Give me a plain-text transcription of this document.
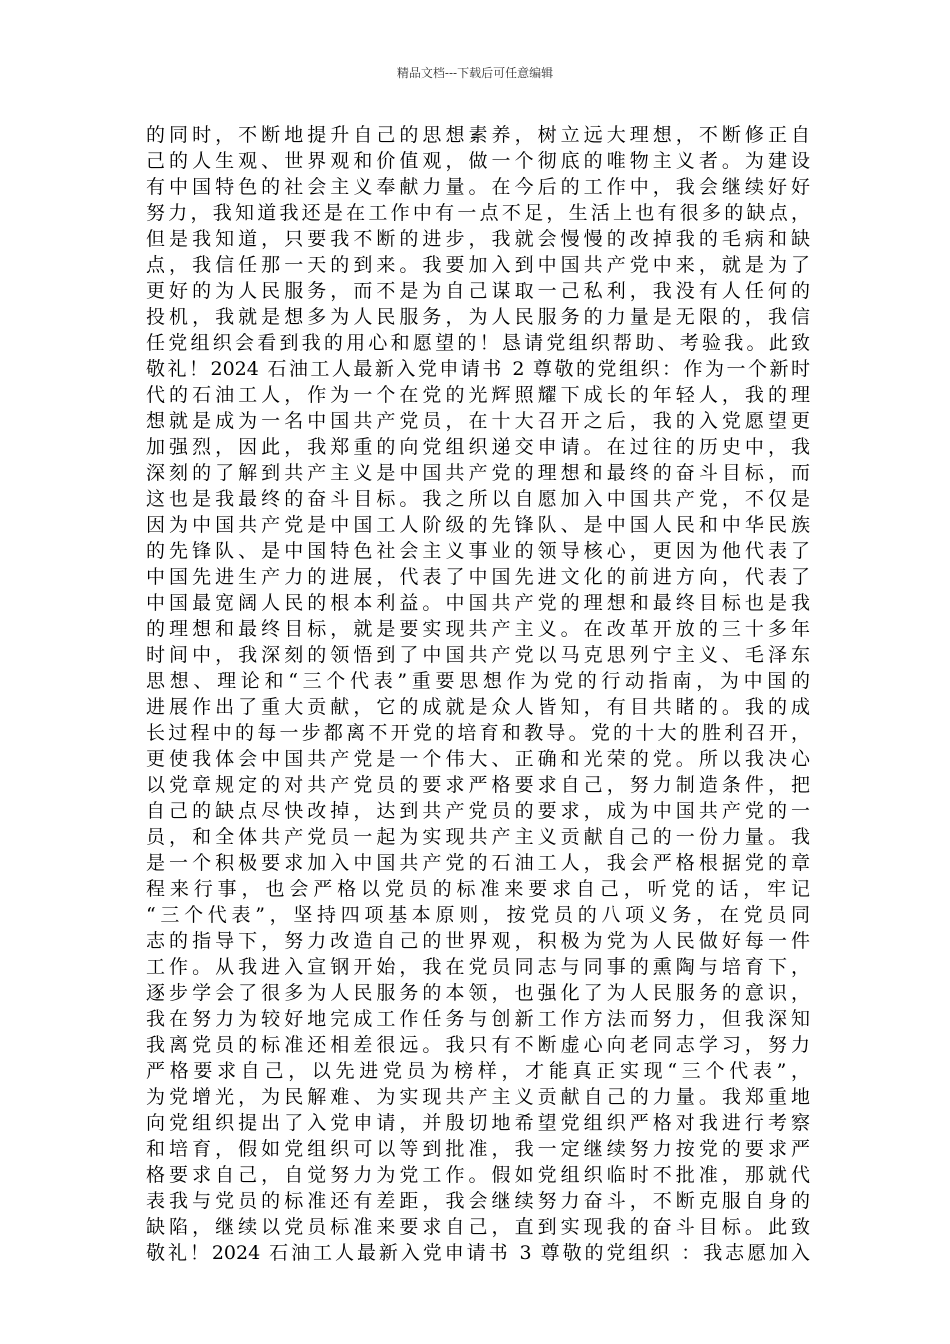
精品文档---下载后可任意编辑
的同时，不断地提升自己的思想素养，树立远大理想，不断修正自
己的人生观、世界观和价值观，做一个彻底的唯物主义者。为建设
有中国特色的社会主义奉献力量。在今后的工作中，我会继续好好
努力，我知道我还是在工作中有一点不足，生活上也有很多的缺点，
但是我知道，只要我不断的进步，我就会慢慢的改掉我的毛病和缺
点，我信任那一天的到来。我要加入到中国共产党中来，就是为了
更好的为人民服务，而不是为自己谋取一己私利，我没有人任何的
投机，我就是想多为人民服务，为人民服务的力量是无限的，我信
任党组织会看到我的用心和愿望的！恳请党组织帮助、考验我。此致
敬礼！2024 石油工人最新入党申请书 2 尊敬的党组织：作为一个新时
代的石油工人，作为一个在党的光辉照耀下成长的年轻人，我的理
想就是成为一名中国共产党员，在十大召开之后，我的入党愿望更
加强烈，因此，我郑重的向党组织递交申请。在过往的历史中，我
深刻的了解到共产主义是中国共产党的理想和最终的奋斗目标，而
这也是我最终的奋斗目标。我之所以自愿加入中国共产党，不仅是
因为中国共产党是中国工人阶级的先锋队、是中国人民和中华民族
的先锋队、是中国特色社会主义事业的领导核心，更因为他代表了
中国先进生产力的进展，代表了中国先进文化的前进方向，代表了
中国最宽阔人民的根本利益。中国共产党的理想和最终目标也是我
的理想和最终目标，就是要实现共产主义。在改革开放的三十多年
时间中，我深刻的领悟到了中国共产党以马克思列宁主义、毛泽东
思想、理论和“三个代表”重要思想作为党的行动指南，为中国的
进展作出了重大贡献，它的成就是众人皆知，有目共睹的。我的成
长过程中的每一步都离不开党的培育和教导。党的十大的胜利召开，
更使我体会中国共产党是一个伟大、正确和光荣的党。所以我决心
以党章规定的对共产党员的要求严格要求自己，努力制造条件，把
自己的缺点尽快改掉，达到共产党员的要求，成为中国共产党的一
员，和全体共产党员一起为实现共产主义贡献自己的一份力量。我
是一个积极要求加入中国共产党的石油工人，我会严格根据党的章
程来行事，也会严格以党员的标准来要求自己，听党的话，牢记
“三个代表”，坚持四项基本原则，按党员的八项义务，在党员同
志的指导下，努力改造自己的世界观，积极为党为人民做好每一件
工作。从我进入宣钢开始，我在党员同志与同事的熏陶与培育下，
逐步学会了很多为人民服务的本领，也强化了为人民服务的意识，
我在努力为较好地完成工作任务与创新工作方法而努力，但我深知
我离党员的标准还相差很远。我只有不断虚心向老同志学习，努力
严格要求自己，以先进党员为榜样，才能真正实现“三个代表”，
为党增光，为民解难、为实现共产主义贡献自己的力量。我郑重地
向党组织提出了入党申请，并殷切地希望党组织严格对我进行考察
和培育，假如党组织可以等到批准，我一定继续努力按党的要求严
格要求自己，自觉努力为党工作。假如党组织临时不批准，那就代
表我与党员的标准还有差距，我会继续努力奋斗，不断克服自身的
缺陷，继续以党员标准来要求自己，直到实现我的奋斗目标。此致
敬礼！2024 石油工人最新入党申请书 3 尊敬的党组织 ：我志愿加入
